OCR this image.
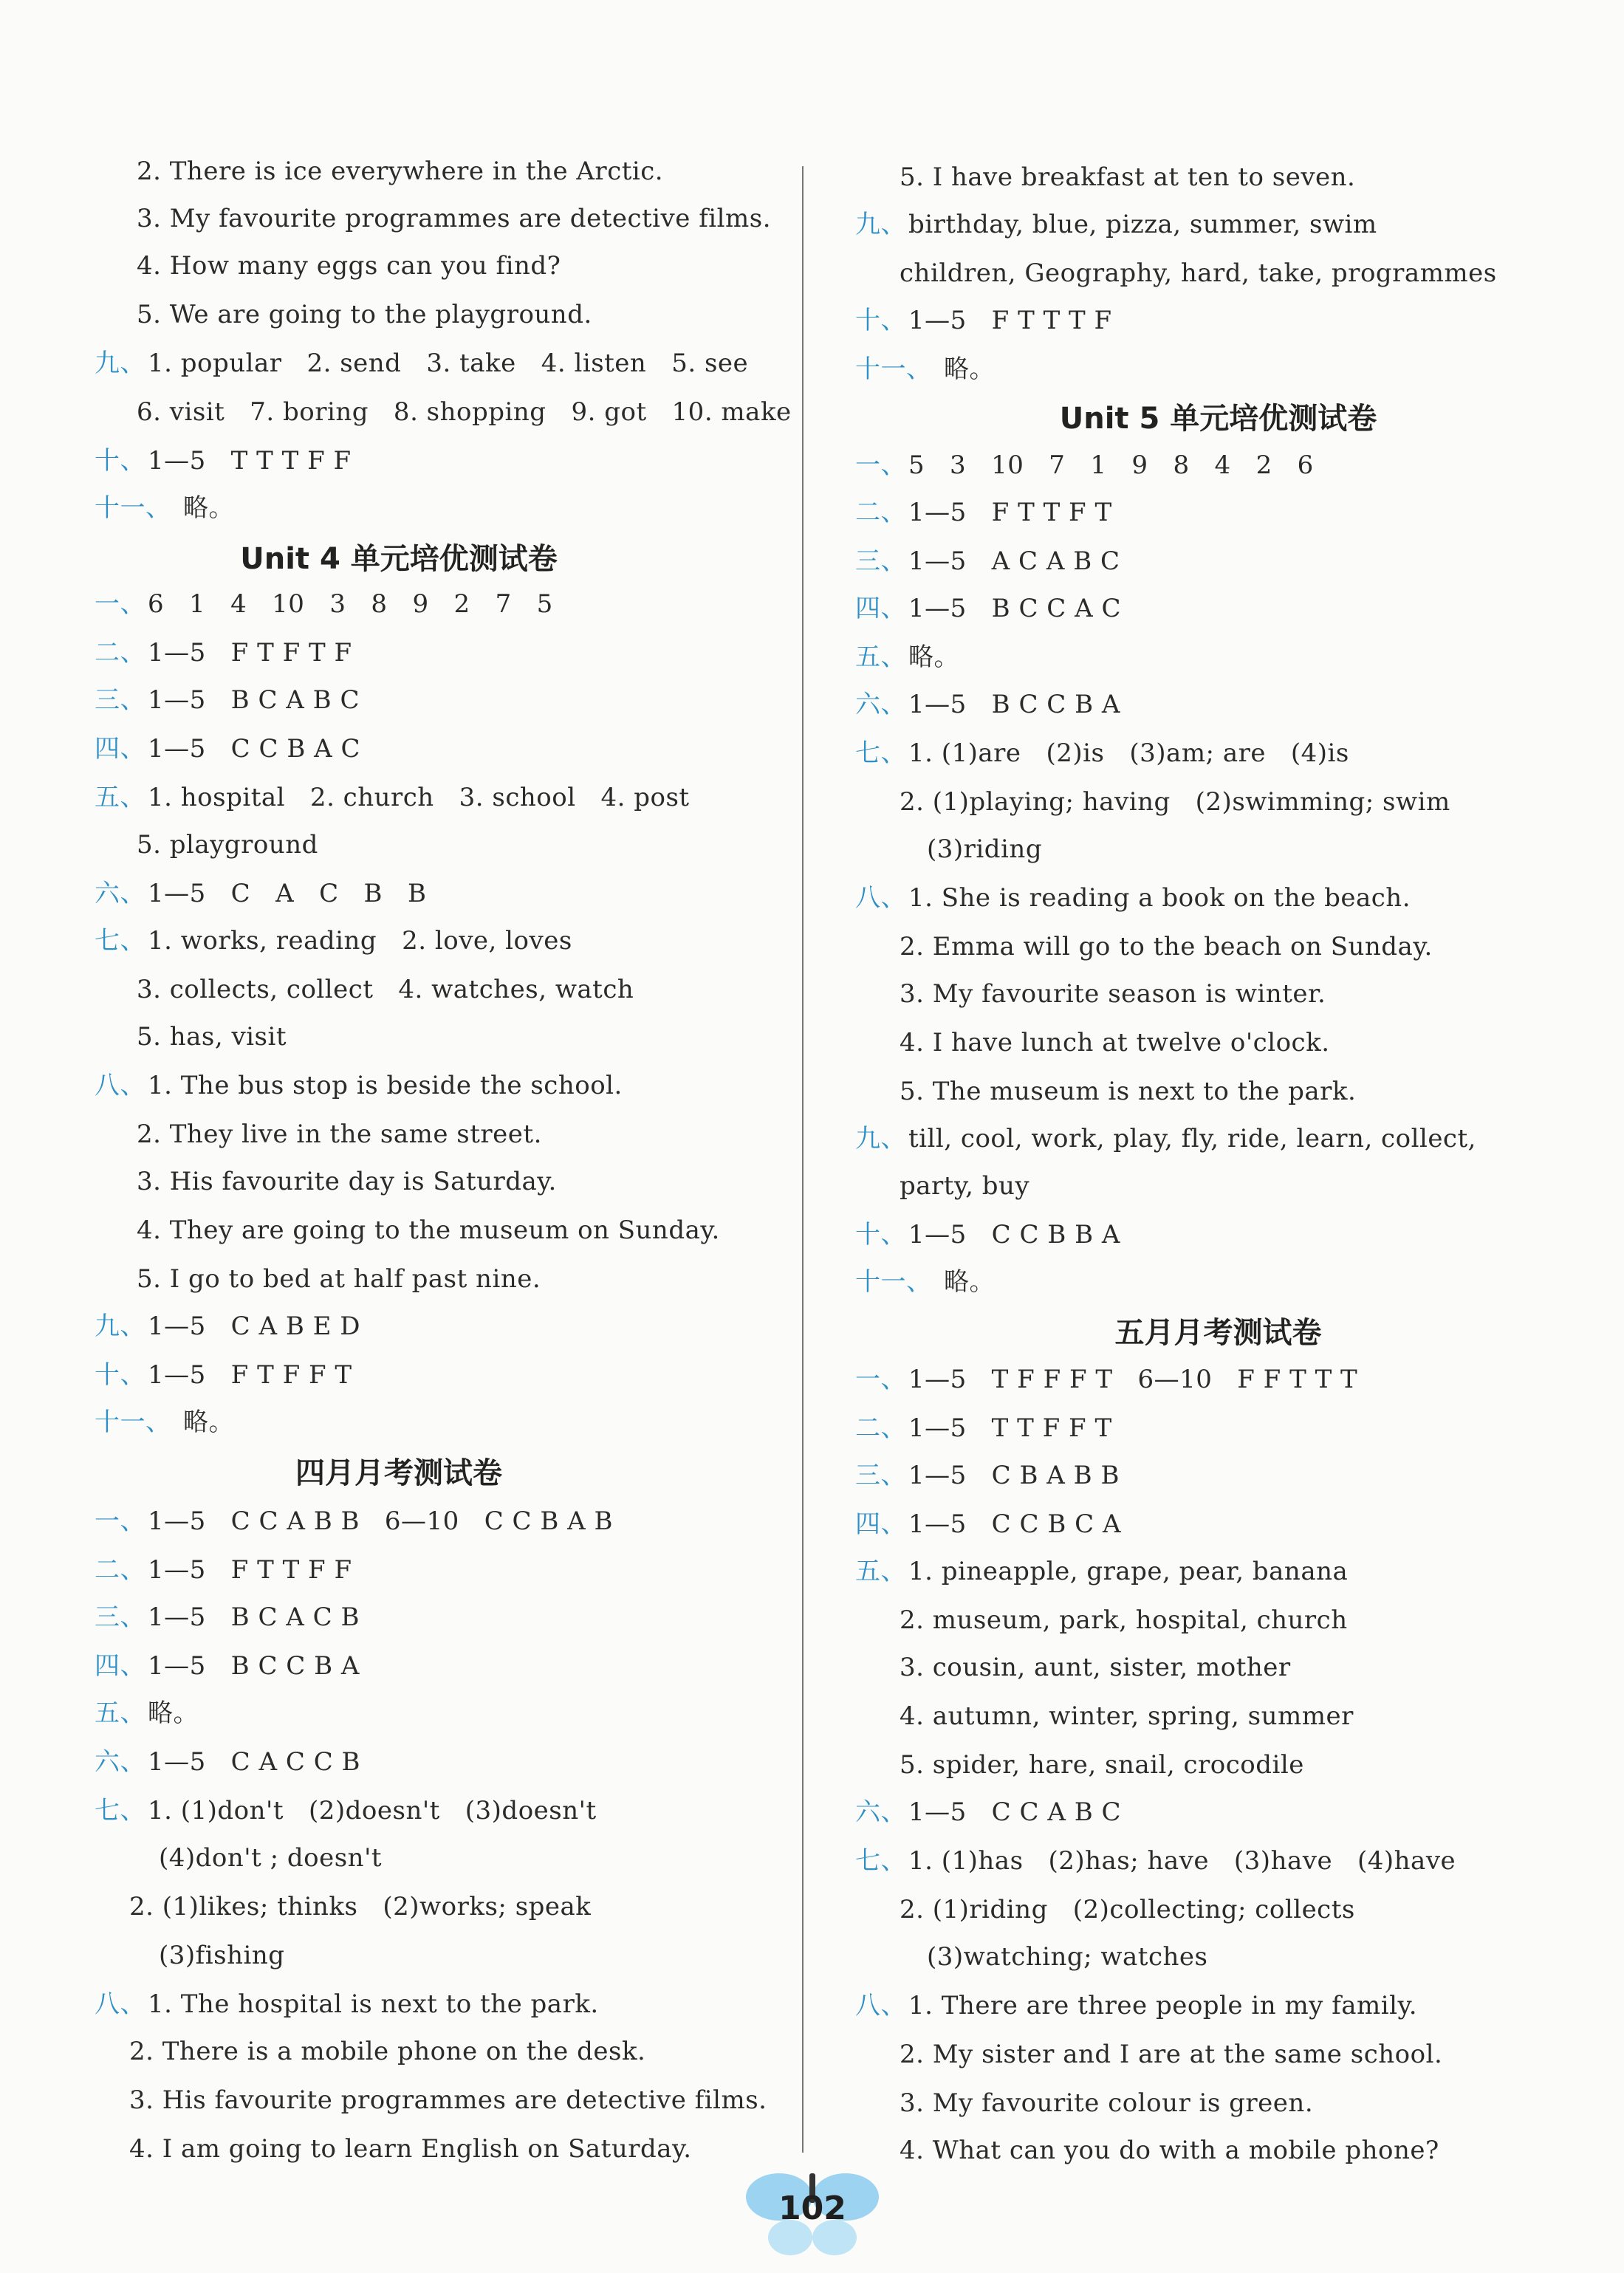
2. There is ice everywhere in the Arctic.
3. My favourite programmes are detective films.
4. How many eggs can you find?
5. We are going to the playground.
九、 1. popular   2. send   3. take   4. listen   5. see
6. visit   7. boring   8. shopping   9. got   10. make
十、 1—5   T T T F F
十一、 略。
Unit 4 单元培优测试卷
一、 6   1   4   10   3   8   9   2   7   5
二、 1—5   F T F T F
三、 1—5   B C A B C
四、 1—5   C C B A C
五、 1. hospital   2. church   3. school   4. post
5. playground
六、 1—5   C   A   C   B   B
七、 1. works, reading   2. love, loves
3. collects, collect   4. watches, watch
5. has, visit
八、 1. The bus stop is beside the school.
2. They live in the same street.
3. His favourite day is Saturday.
4. They are going to the museum on Sunday.
5. I go to bed at half past nine.
九、 1—5   C A B E D
十、 1—5   F T F F T
十一、 略。
四月月考测试卷
一、 1—5   C C A B B   6—10   C C B A B
二、 1—5   F T T F F
三、 1—5   B C A C B
四、 1—5   B C C B A
五、 略。
六、 1—5   C A C C B
七、 1. (1)don't   (2)doesn't   (3)doesn't
(4)don't ; doesn't
2. (1)likes; thinks   (2)works; speak
(3)fishing
八、 1. The hospital is next to the park.
2. There is a mobile phone on the desk.
3. His favourite programmes are detective films.
4. I am going to learn English on Saturday.
5. I have breakfast at ten to seven.
九、 birthday, blue, pizza, summer, swim
children, Geography, hard, take, programmes
十、 1—5   F T T T F
十一、 略。
Unit 5 单元培优测试卷
一、 5   3   10   7   1   9   8   4   2   6
二、 1—5   F T T F T
三、 1—5   A C A B C
四、 1—5   B C C A C
五、 略。
六、 1—5   B C C B A
七、 1. (1)are   (2)is   (3)am; are   (4)is
2. (1)playing; having   (2)swimming; swim
(3)riding
八、 1. She is reading a book on the beach.
2. Emma will go to the beach on Sunday.
3. My favourite season is winter.
4. I have lunch at twelve o'clock.
5. The museum is next to the park.
九、 till, cool, work, play, fly, ride, learn, collect,
party, buy
十、 1—5   C C B B A
十一、 略。
五月月考测试卷
一、 1—5   T F F F T   6—10   F F T T T
二、 1—5   T T F F T
三、 1—5   C B A B B
四、 1—5   C C B C A
五、 1. pineapple, grape, pear, banana
2. museum, park, hospital, church
3. cousin, aunt, sister, mother
4. autumn, winter, spring, summer
5. spider, hare, snail, crocodile
六、 1—5   C C A B C
七、 1. (1)has   (2)has; have   (3)have   (4)have
2. (1)riding   (2)collecting; collects
(3)watching; watches
八、 1. There are three people in my family.
2. My sister and I are at the same school.
3. My favourite colour is green.
4. What can you do with a mobile phone?
102
